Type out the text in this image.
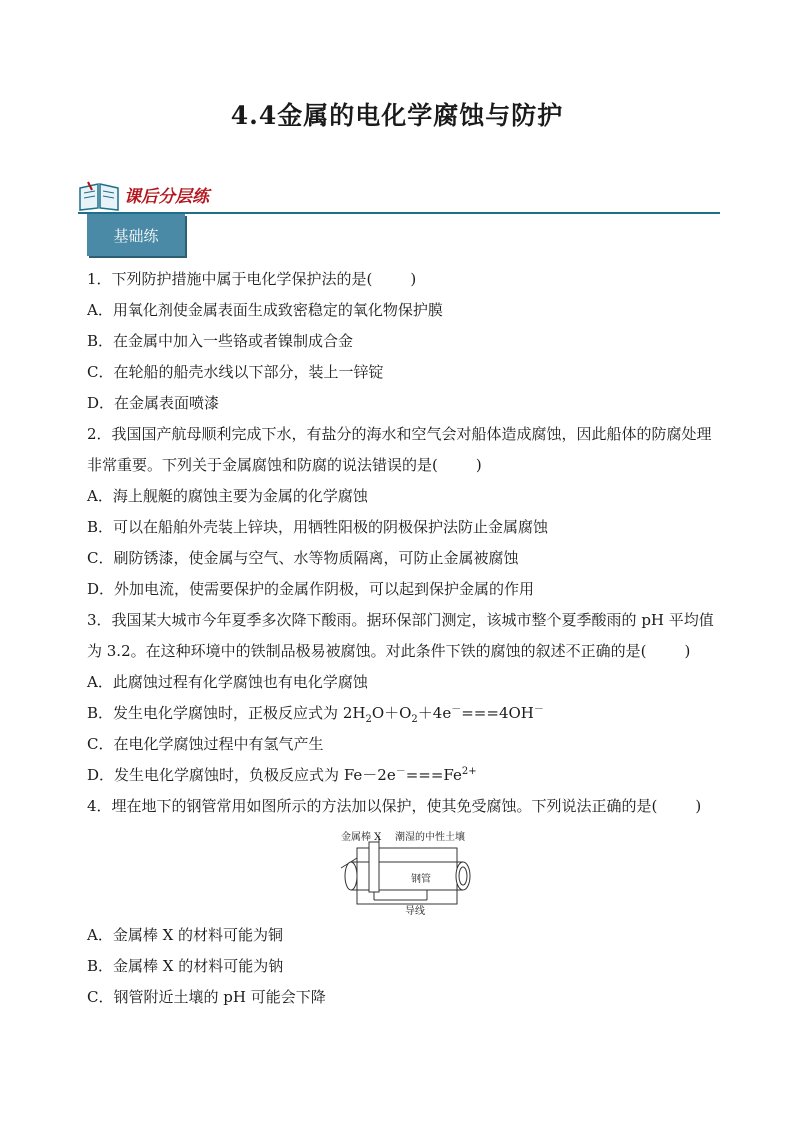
4.4金属的电化学腐蚀与防护
课后分层练
基础练
1．下列防护措施中属于电化学保护法的是(	)
A．用氧化剂使金属表面生成致密稳定的氧化物保护膜
B．在金属中加入一些铬或者镍制成合金
C．在轮船的船壳水线以下部分，装上一锌锭
D．在金属表面喷漆
2．我国国产航母顺利完成下水，有盐分的海水和空气会对船体造成腐蚀，因此船体的防腐处理非常重要。下列关于金属腐蚀和防腐的说法错误的是(	)
A．海上舰艇的腐蚀主要为金属的化学腐蚀
B．可以在船舶外壳装上锌块，用牺牲阳极的阴极保护法防止金属腐蚀
C．刷防锈漆，使金属与空气、水等物质隔离，可防止金属被腐蚀
D．外加电流，使需要保护的金属作阴极，可以起到保护金属的作用
3．我国某大城市今年夏季多次降下酸雨。据环保部门测定，该城市整个夏季酸雨的 pH 平均值为 3.2。在这种环境中的铁制品极易被腐蚀。对此条件下铁的腐蚀的叙述不正确的是(	)
A．此腐蚀过程有化学腐蚀也有电化学腐蚀
B．发生电化学腐蚀时，正极反应式为 $2H_2O+O_2+4e^-===4OH^-$
C．在电化学腐蚀过程中有氢气产生
D．发生电化学腐蚀时，负极反应式为 $Fe-2e^-===Fe^{2+}$
4．埋在地下的钢管常用如图所示的方法加以保护，使其免受腐蚀。下列说法正确的是(	)
金属棒 X 潮湿的中性土壤
钢管
导线
A．金属棒 X 的材料可能为铜
B．金属棒 X 的材料可能为钠
C．钢管附近土壤的 pH 可能会下降
